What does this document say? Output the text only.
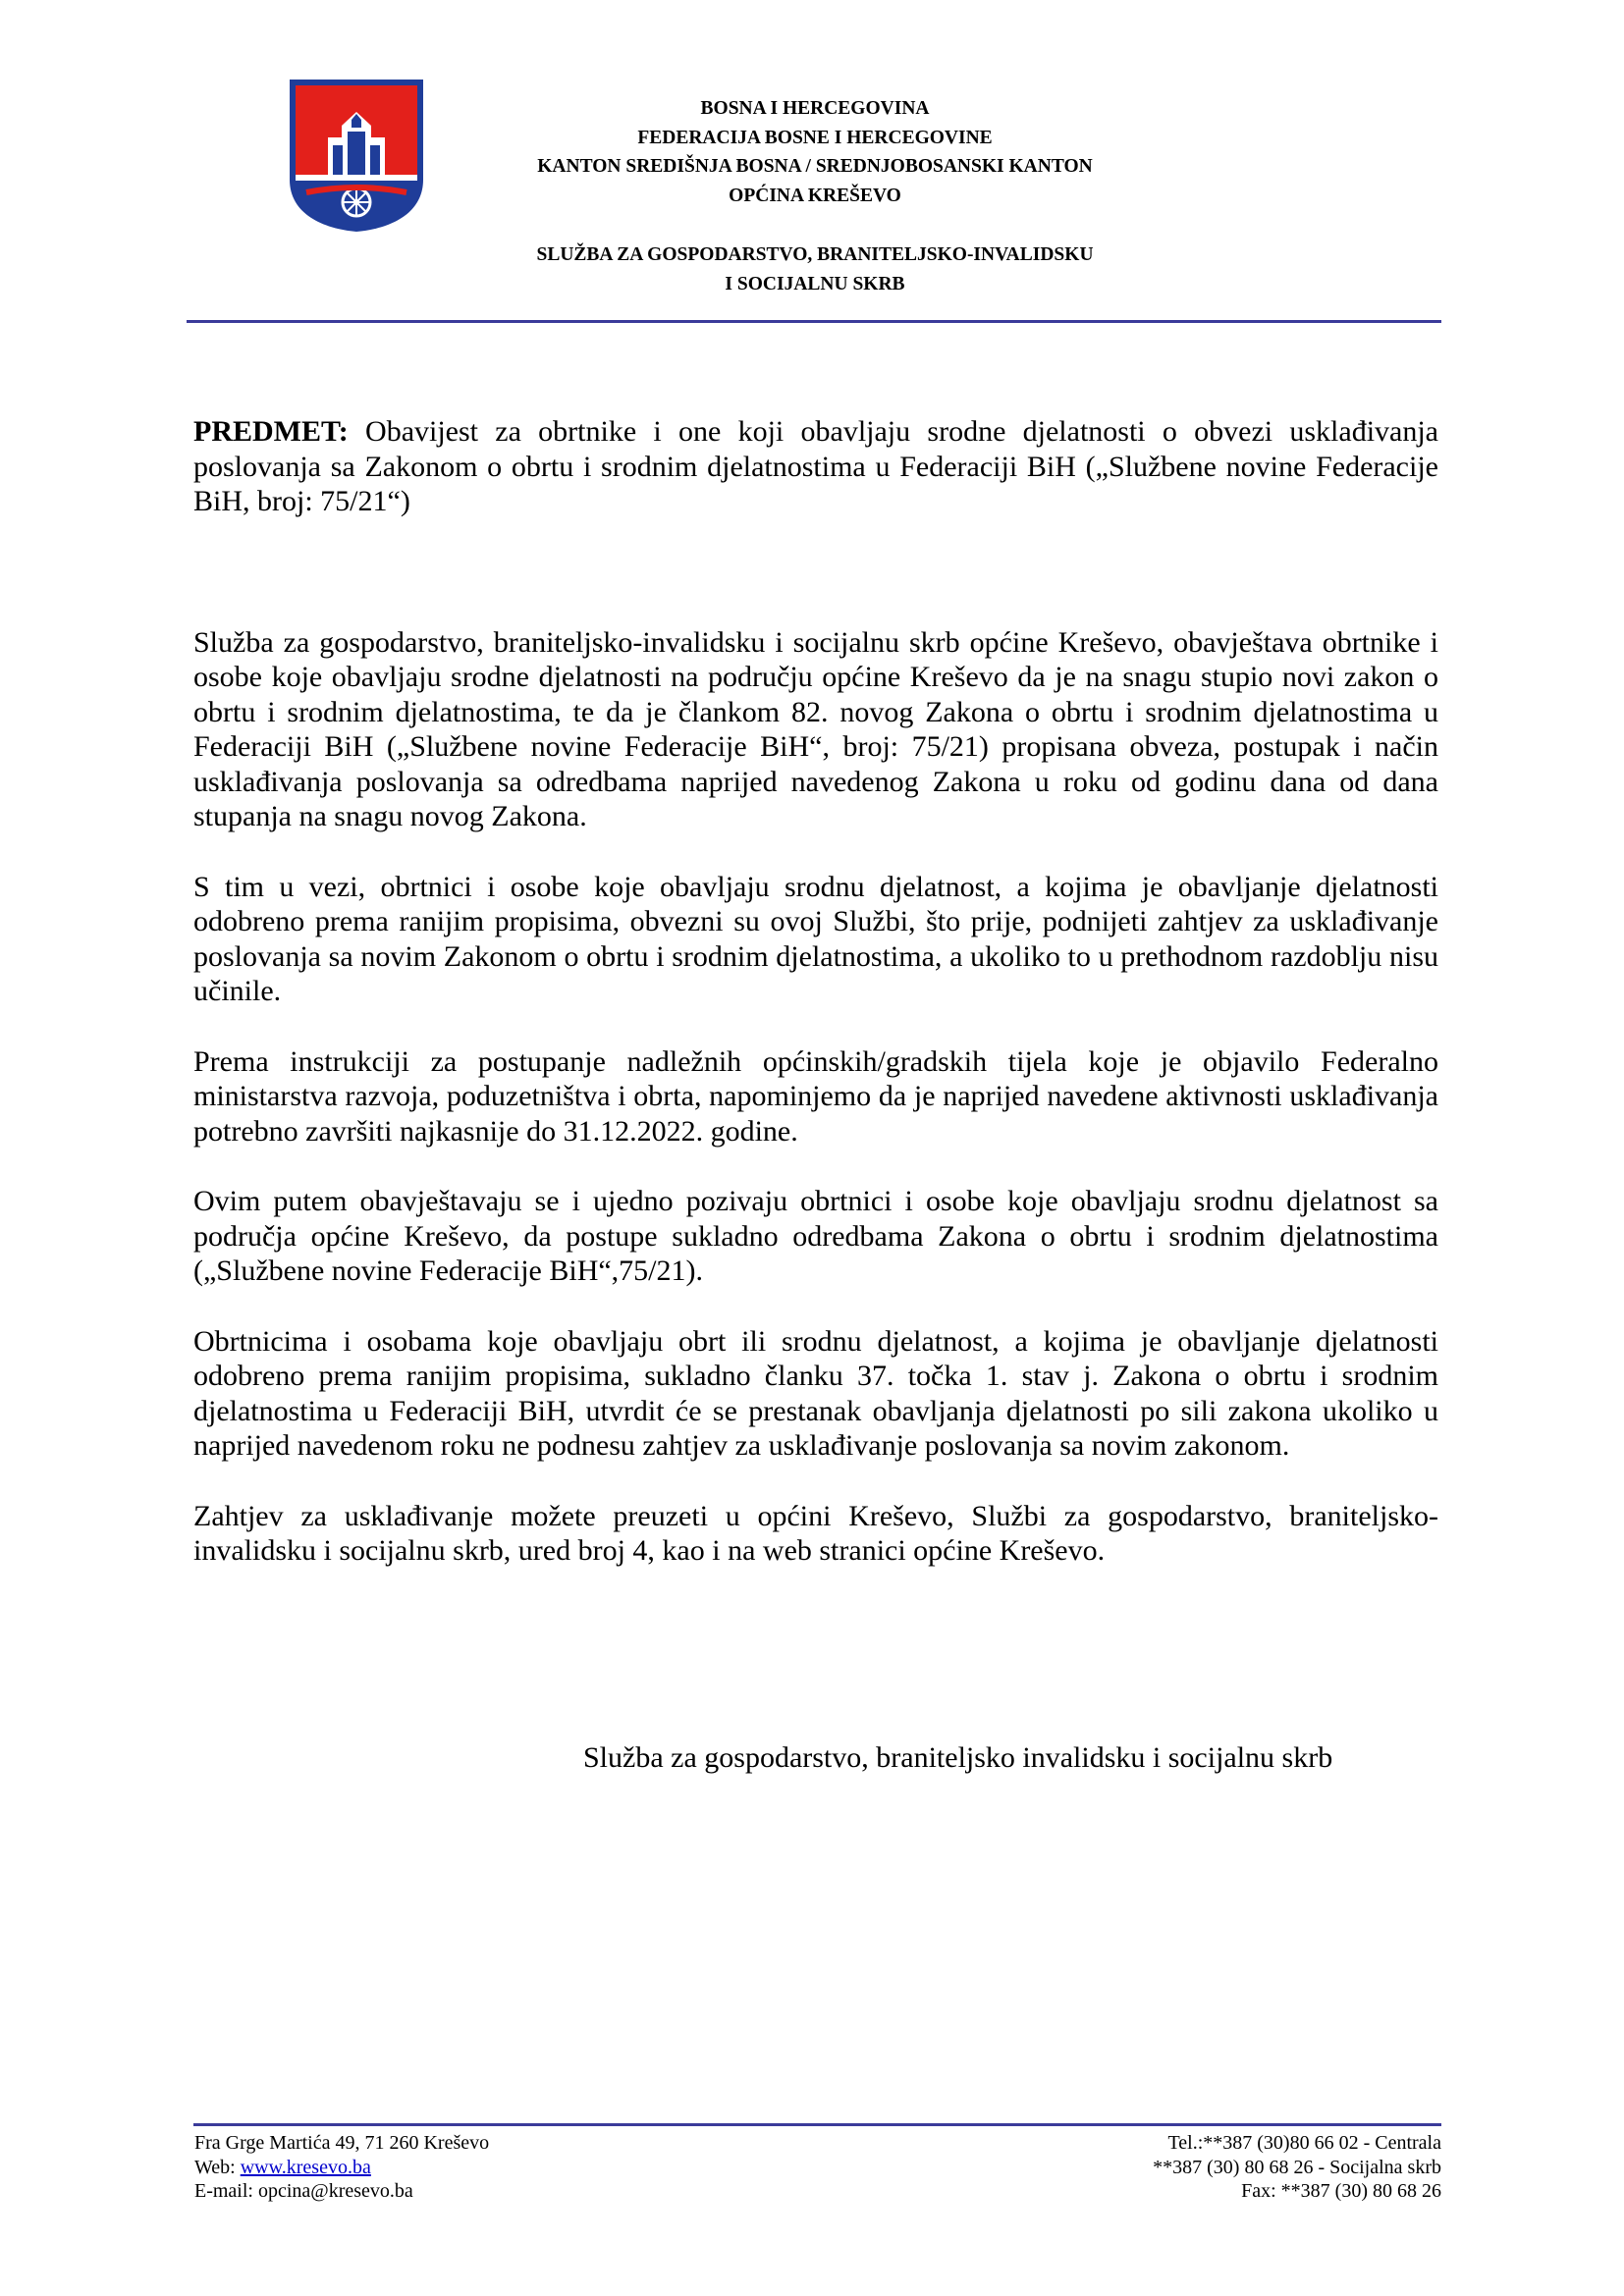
BOSNA I HERCEGOVINA
FEDERACIJA BOSNE I HERCEGOVINE
KANTON SREDIŠNJA BOSNA / SREDNJOBOSANSKI KANTON
OPĆINA KREŠEVO
SLUŽBA ZA GOSPODARSTVO, BRANITELJSKO-INVALIDSKU
I SOCIJALNU SKRB

PREDMET: Obavijest za obrtnike i one koji obavljaju srodne djelatnosti o obvezi usklađivanja poslovanja sa Zakonom o obrtu i srodnim djelatnostima u Federaciji BiH („Službene novine Federacije BiH, broj: 75/21“)

Služba za gospodarstvo, braniteljsko-invalidsku i socijalnu skrb općine Kreševo, obavještava obrtnike i osobe koje obavljaju srodne djelatnosti na području općine Kreševo da je na snagu stupio novi zakon o obrtu i srodnim djelatnostima, te da je člankom 82. novog Zakona o obrtu i srodnim djelatnostima u Federaciji BiH („Službene novine Federacije BiH“, broj: 75/21) propisana obveza, postupak i način usklađivanja poslovanja sa odredbama naprijed navedenog Zakona u roku od godinu dana od dana stupanja na snagu novog Zakona.

S tim u vezi, obrtnici i osobe koje obavljaju srodnu djelatnost, a kojima je obavljanje djelatnosti odobreno prema ranijim propisima, obvezni su ovoj Službi, što prije, podnijeti zahtjev za usklađivanje poslovanja sa novim Zakonom o obrtu i srodnim djelatnostima, a ukoliko to u prethodnom razdoblju nisu učinile.

Prema instrukciji za postupanje nadležnih općinskih/gradskih tijela koje je objavilo Federalno ministarstva razvoja, poduzetništva i obrta, napominjemo da je naprijed navedene aktivnosti usklađivanja potrebno završiti najkasnije do 31.12.2022. godine.

Ovim putem obavještavaju se i ujedno pozivaju obrtnici i osobe koje obavljaju srodnu djelatnost sa područja općine Kreševo, da postupe sukladno odredbama Zakona o obrtu i srodnim djelatnostima („Službene novine Federacije BiH“,75/21).

Obrtnicima i osobama koje obavljaju obrt ili srodnu djelatnost, a kojima je obavljanje djelatnosti odobreno prema ranijim propisima, sukladno članku 37. točka 1. stav j. Zakona o obrtu i srodnim djelatnostima u Federaciji BiH, utvrdit će se prestanak obavljanja djelatnosti po sili zakona ukoliko u naprijed navedenom roku ne podnesu zahtjev za usklađivanje poslovanja sa novim zakonom.

Zahtjev za usklađivanje možete preuzeti u općini Kreševo, Službi za gospodarstvo, braniteljsko-invalidsku i socijalnu skrb, ured broj 4, kao i na web stranici općine Kreševo.

Služba za gospodarstvo, braniteljsko invalidsku i socijalnu skrb
Fra Grge Martića 49, 71 260 Kreševo
Web: www.kresevo.ba
E-mail: opcina@kresevo.ba
Tel.:**387 (30)80 66 02 - Centrala
**387 (30) 80 68 26 - Socijalna skrb
Fax: **387 (30) 80 68 26
